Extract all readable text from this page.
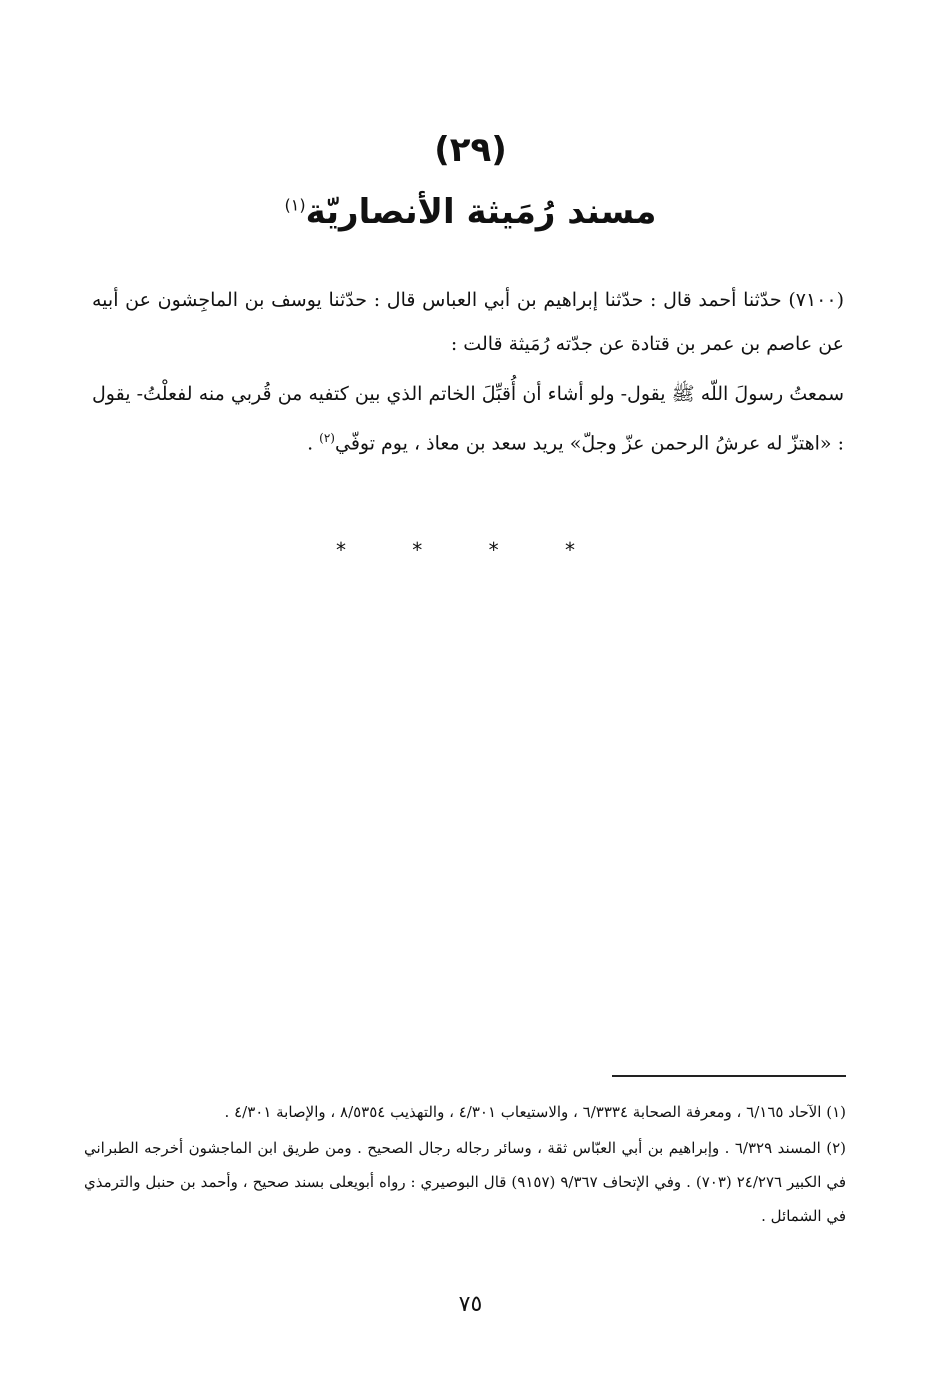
(٢٩)
مسند رُمَيثة الأنصاريّة$^{(١)}$

(٧١٠٠) حدّثنا أحمد قال : حدّثنا إبراهيم بن أبي العباس قال : حدّثنا يوسف بن الماجِشون عن أبيه عن عاصم بن عمر بن قتادة عن جدّته رُمَيثة قالت :

سمعتُ رسولَ اللّه ﷺ يقول- ولو أشاء أن أُقبِّلَ الخاتم الذي بين كتفيه من قُربي منه لفعلْتُ- يقول : «اهتزّ له عرشُ الرحمن عزّ وجلّ» يريد سعد بن معاذ ، يوم توفّي$^{(٢)}$ .

* * * *

(١) الآحاد ٦/١٦٥ ، ومعرفة الصحابة ٦/٣٣٣٤ ، والاستيعاب ٤/٣٠١ ، والتهذيب ٨/٥٣٥٤ ، والإصابة ٤/٣٠١ .

(٢) المسند ٦/٣٢٩ . وإبراهيم بن أبي العبّاس ثقة ، وسائر رجاله رجال الصحيح . ومن طريق ابن الماجشون أخرجه الطبراني في الكبير ٢٤/٢٧٦ (٧٠٣) . وفي الإتحاف ٩/٣٦٧ (٩١٥٧) قال البوصيري : رواه أبويعلى بسند صحيح ، وأحمد بن حنبل والترمذي في الشمائل .

٧٥
